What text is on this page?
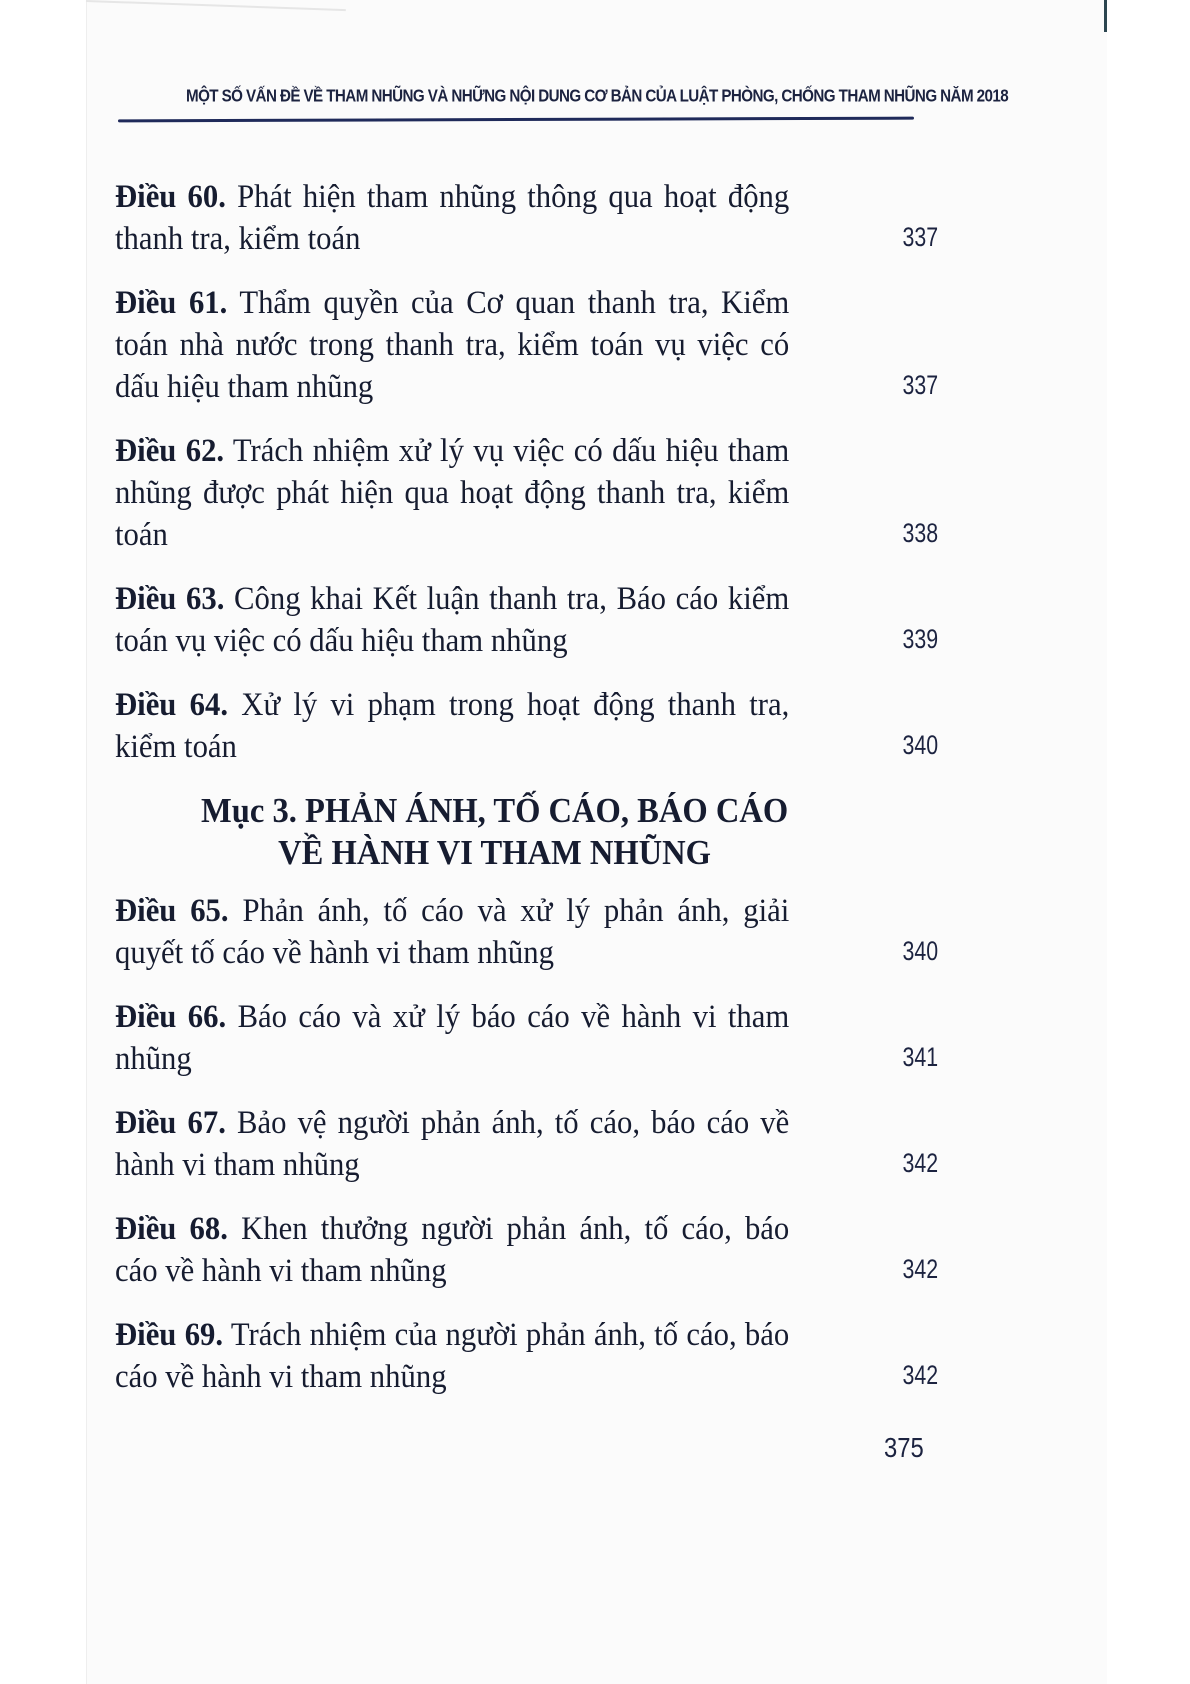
MỘT SỐ VẤN ĐỀ VỀ THAM NHŨNG VÀ NHỮNG NỘI DUNG CƠ BẢN CỦA LUẬT PHÒNG, CHỐNG THAM NHŨNG NĂM 2018
Điều 60. Phát hiện tham nhũng thông qua hoạt động thanh tra, kiểm toán	337
Điều 61. Thẩm quyền của Cơ quan thanh tra, Kiểm toán nhà nước trong thanh tra, kiểm toán vụ việc có dấu hiệu tham nhũng	337
Điều 62. Trách nhiệm xử lý vụ việc có dấu hiệu tham nhũng được phát hiện qua hoạt động thanh tra, kiểm toán	338
Điều 63. Công khai Kết luận thanh tra, Báo cáo kiểm toán vụ việc có dấu hiệu tham nhũng	339
Điều 64. Xử lý vi phạm trong hoạt động thanh tra, kiểm toán	340
Mục 3. PHẢN ÁNH, TỐ CÁO, BÁO CÁO
VỀ HÀNH VI THAM NHŨNG
Điều 65. Phản ánh, tố cáo và xử lý phản ánh, giải quyết tố cáo về hành vi tham nhũng	340
Điều 66. Báo cáo và xử lý báo cáo về hành vi tham nhũng	341
Điều 67. Bảo vệ người phản ánh, tố cáo, báo cáo về hành vi tham nhũng	342
Điều 68. Khen thưởng người phản ánh, tố cáo, báo cáo về hành vi tham nhũng	342
Điều 69. Trách nhiệm của người phản ánh, tố cáo, báo cáo về hành vi tham nhũng	342
375
